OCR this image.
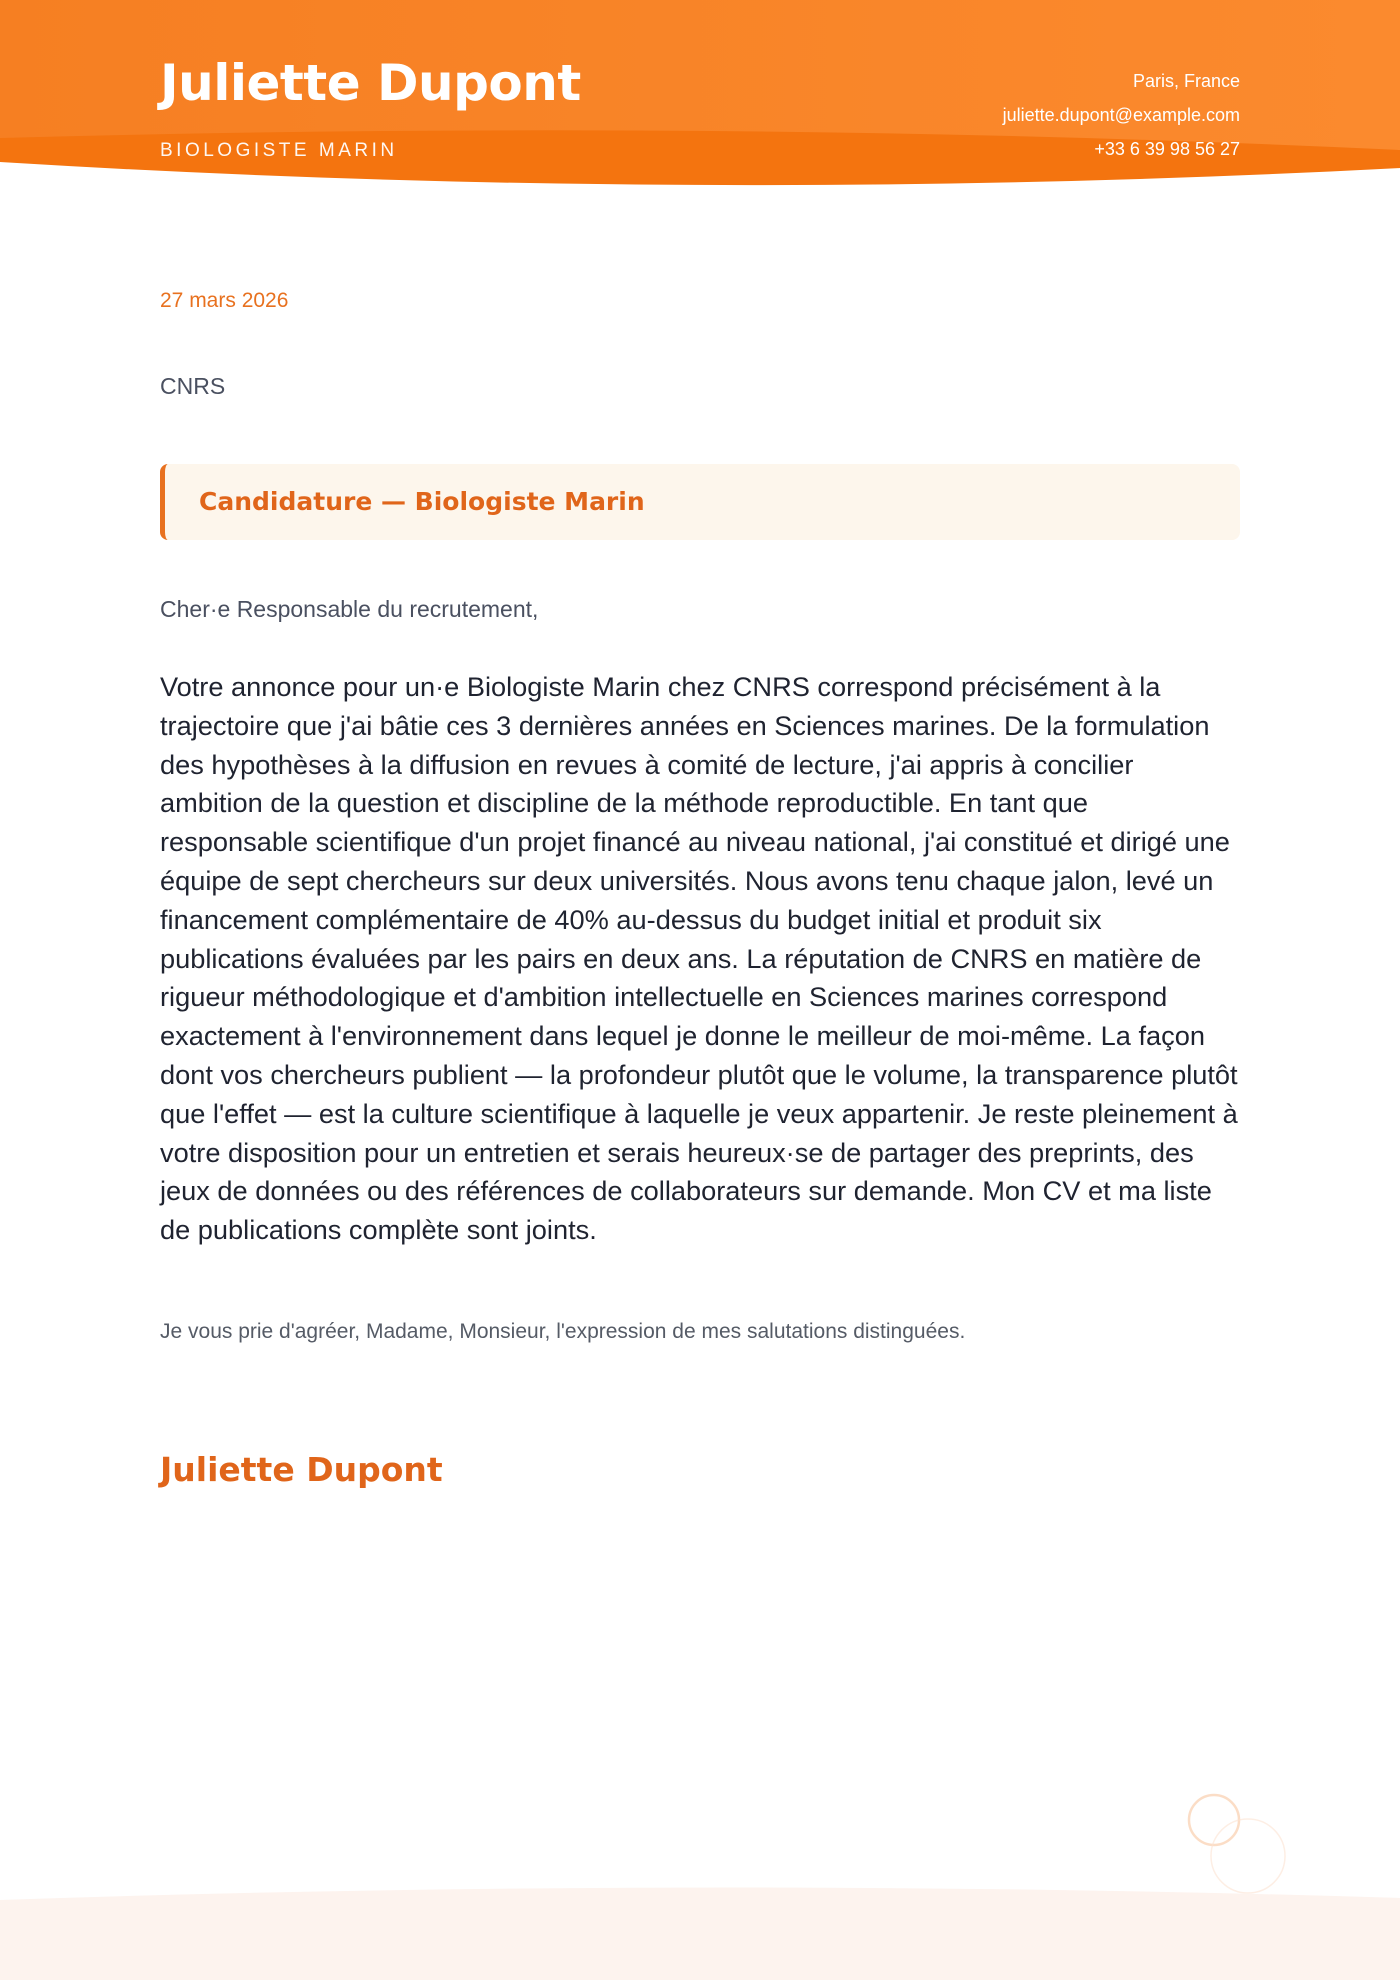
Juliette Dupont
BIOLOGISTE MARIN
Paris, France
juliette.dupont@example.com
+33 6 39 98 56 27
27 mars 2026
CNRS
Candidature — Biologiste Marin
Cher·e Responsable du recrutement,

Votre annonce pour un·e Biologiste Marin chez CNRS correspond précisément à la trajectoire que j'ai bâtie ces 3 dernières années en Sciences marines. De la formulation des hypothèses à la diffusion en revues à comité de lecture, j'ai appris à concilier ambition de la question et discipline de la méthode reproductible. En tant que responsable scientifique d'un projet financé au niveau national, j'ai constitué et dirigé une équipe de sept chercheurs sur deux universités. Nous avons tenu chaque jalon, levé un financement complémentaire de 40% au-dessus du budget initial et produit six publications évaluées par les pairs en deux ans. La réputation de CNRS en matière de rigueur méthodologique et d'ambition intellectuelle en Sciences marines correspond exactement à l'environnement dans lequel je donne le meilleur de moi-même. La façon dont vos chercheurs publient — la profondeur plutôt que le volume, la transparence plutôt que l'effet — est la culture scientifique à laquelle je veux appartenir. Je reste pleinement à votre disposition pour un entretien et serais heureux·se de partager des preprints, des jeux de données ou des références de collaborateurs sur demande. Mon CV et ma liste de publications complète sont joints.

Je vous prie d'agréer, Madame, Monsieur, l'expression de mes salutations distinguées.
Juliette Dupont
